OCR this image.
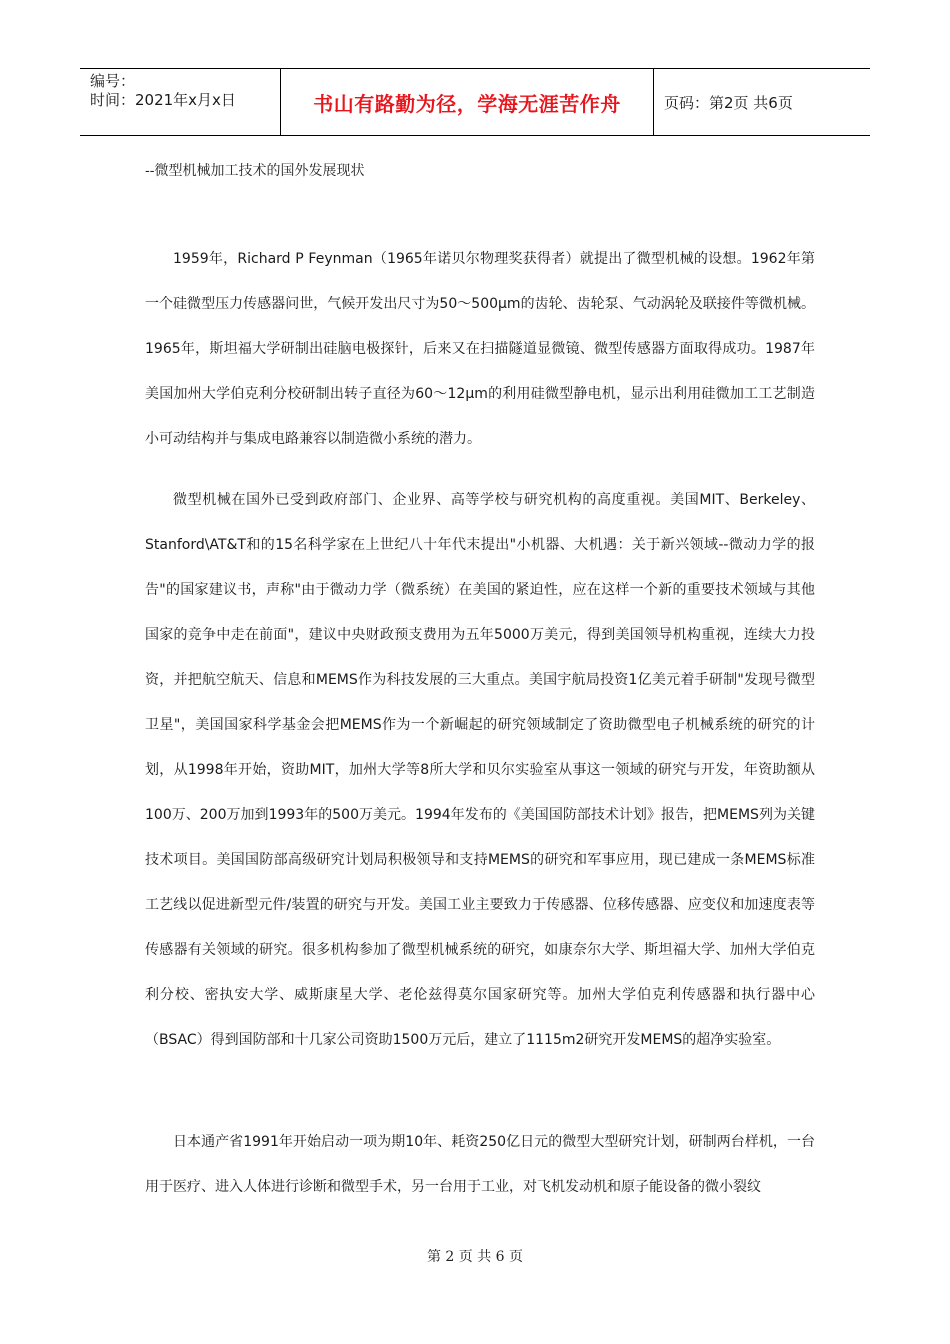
编号：
时间：2021年x月x日	书山有路勤为径，学海无涯苦作舟	页码：第2页 共6页
--微型机械加工技术的国外发展现状

1959年，Richard P Feynman（1965年诺贝尔物理奖获得者）就提出了微型机械的设想。1962年第一个硅微型压力传感器问世，气候开发出尺寸为50～500μm的齿轮、齿轮泵、气动涡轮及联接件等微机械。1965年，斯坦福大学研制出硅脑电极探针，后来又在扫描隧道显微镜、微型传感器方面取得成功。1987年美国加州大学伯克利分校研制出转子直径为60～12μm的利用硅微型静电机，显示出利用硅微加工工艺制造小可动结构并与集成电路兼容以制造微小系统的潜力。

微型机械在国外已受到政府部门、企业界、高等学校与研究机构的高度重视。美国MIT、Berkeley、Stanford\AT&T和的15名科学家在上世纪八十年代末提出"小机器、大机遇：关于新兴领域--微动力学的报告"的国家建议书，声称"由于微动力学（微系统）在美国的紧迫性，应在这样一个新的重要技术领域与其他国家的竞争中走在前面"，建议中央财政预支费用为五年5000万美元，得到美国领导机构重视，连续大力投资，并把航空航天、信息和MEMS作为科技发展的三大重点。美国宇航局投资1亿美元着手研制"发现号微型卫星"，美国国家科学基金会把MEMS作为一个新崛起的研究领域制定了资助微型电子机械系统的研究的计划，从1998年开始，资助MIT，加州大学等8所大学和贝尔实验室从事这一领域的研究与开发，年资助额从100万、200万加到1993年的500万美元。1994年发布的《美国国防部技术计划》报告，把MEMS列为关键技术项目。美国国防部高级研究计划局积极领导和支持MEMS的研究和军事应用，现已建成一条MEMS标准工艺线以促进新型元件/装置的研究与开发。美国工业主要致力于传感器、位移传感器、应变仪和加速度表等传感器有关领域的研究。很多机构参加了微型机械系统的研究，如康奈尔大学、斯坦福大学、加州大学伯克利分校、密执安大学、威斯康星大学、老伦兹得莫尔国家研究等。加州大学伯克利传感器和执行器中心（BSAC）得到国防部和十几家公司资助1500万元后，建立了1115m2研究开发MEMS的超净实验室。

日本通产省1991年开始启动一项为期10年、耗资250亿日元的微型大型研究计划，研制两台样机，一台用于医疗、进入人体进行诊断和微型手术，另一台用于工业，对飞机发动机和原子能设备的微小裂纹

第 2 页 共 6 页
